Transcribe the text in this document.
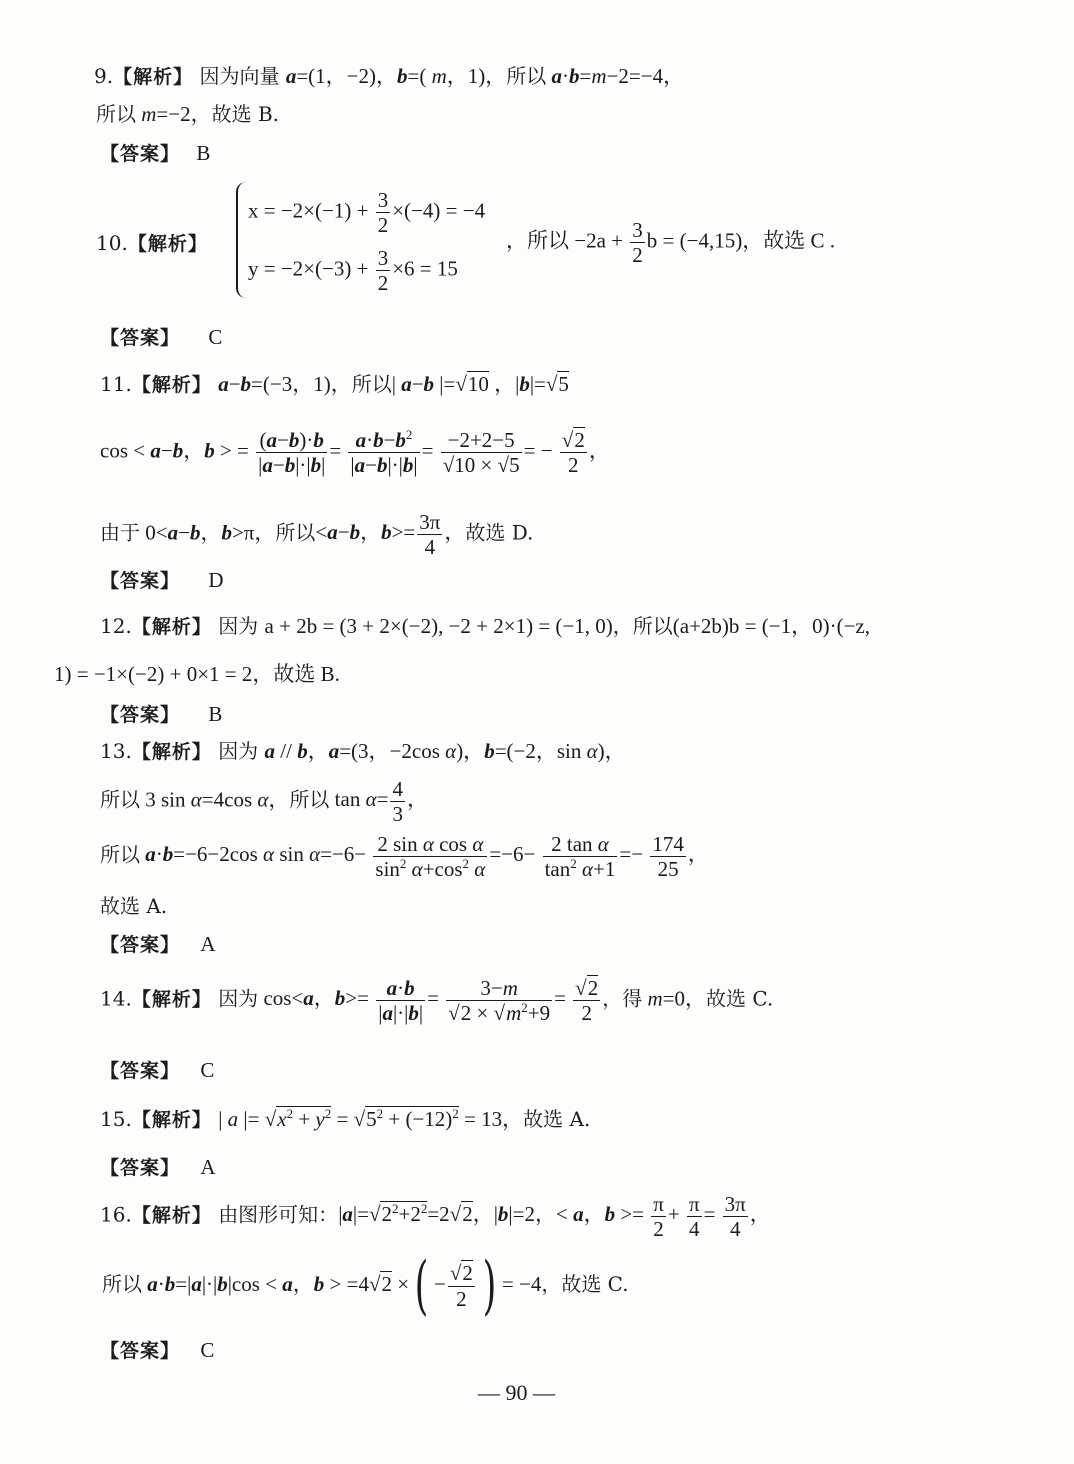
9.【解析】 因为向量 a=(1，−2)，b=( m，1)，所以 a·b=m−2=−4，
所以 m=−2，故选 B.
【答案】 B
10.【解析】
$x = -2\times(-1) + \frac{3}{2} \times(-4) = -4$
$y = -2\times(-3) + \frac{3}{2} \times 6 = 15$
，所以 $-2a + \frac{3}{2}$ b = (−4,15)，故选 C .
【答案】 C
11.【解析】 a−b=(−3，1)，所以| a−b |=√10 ，|b|=√5
cos < a−b，b > = $\frac{(a-b)\cdot b}{|a-b|\cdot|b|} = \frac{a\cdot b-b^2}{|a-b|\cdot|b|} = \frac{-2+2-5}{√10 \times √5}$ = − $\frac{√2}{2}$ ，
由于 0<a−b，b>π，所以<a−b，$b>= \frac{3\pi}{4}$ ，故选 D.
【答案】 D
12.【解析】 因为 a + 2b = (3 + 2×(−2), −2 + 2×1) = (−1, 0)，所以(a+2b)b = (−1，0)·(−z,
1) = −1×(−2) + 0×1 = 2，故选 B.
【答案】 B
13.【解析】 因为 a // b，a=(3，−2cos α)，b=(−2，sin α)，
所以 3 sin α=4cos α，所以 $\tan \alpha= \frac{4}{3}$ ，
所以 a·b=−6−2cos α $\sin \alpha=-6- \frac{\text{2 sin α cos α}}{\sin^2 \alpha+\cos^2 \alpha} =-6- \frac{\text{2 tan α}}{\tan^2 \alpha+1} =- \frac{174}{25}$ ，
故选 A.
【答案】 A
14.【解析】 因为 cos<a，$b>= \frac{a\cdot b}{|a|\cdot|b|} = \frac{3-m}{√2 \times √m^2+9} = \frac{√2}{2}$ ，得 m=0，故选 C.
【答案】 C
15.【解析】 | a |= $√x^2 + y^2 = √5^2 + (-12)^2 = 13$，故选 A.
【答案】 A
16.【解析】 由图形可知：$|a|=√2^2+2^2=2√2$，|b|=2，< a，$b >= \frac{\pi}{2} + \frac{\pi}{4} = \frac{3\pi}{4}$ ，
所以 a·b=|a|·|b|cos < a，b > =4√2 ×( − $\frac{√2}{2}$ ) = −4，故选 C.
【答案】 C
— 90 —
